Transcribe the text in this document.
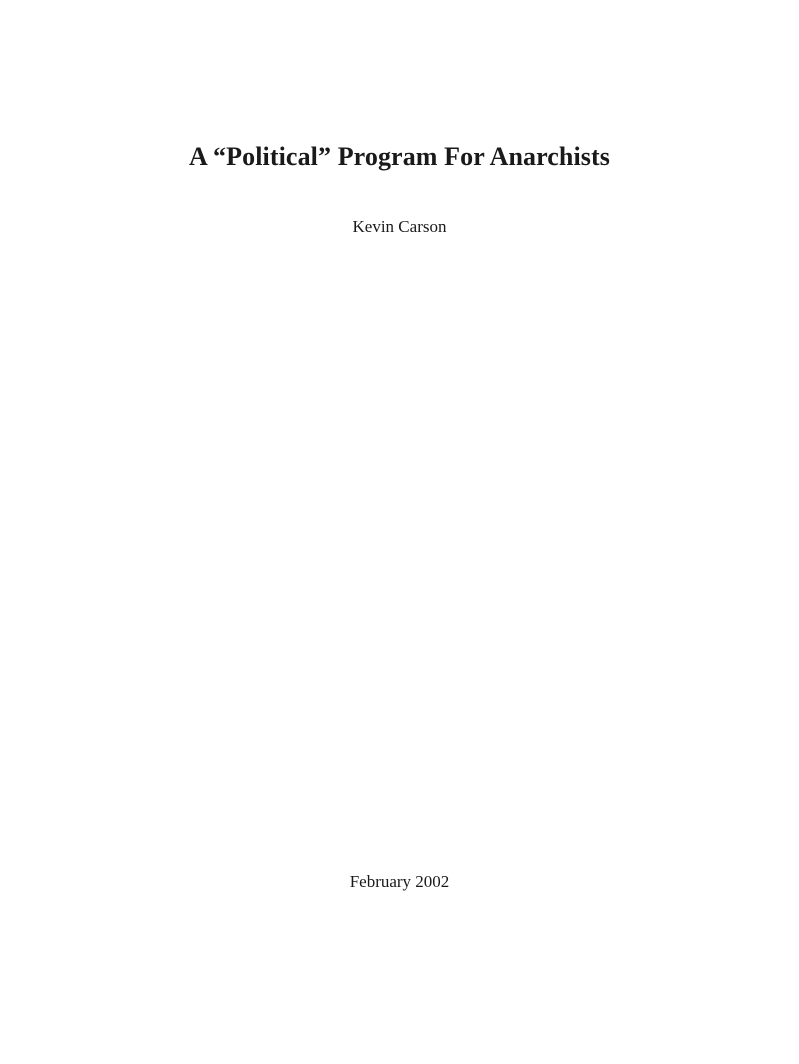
A “Political” Program For Anarchists

Kevin Carson

February 2002
